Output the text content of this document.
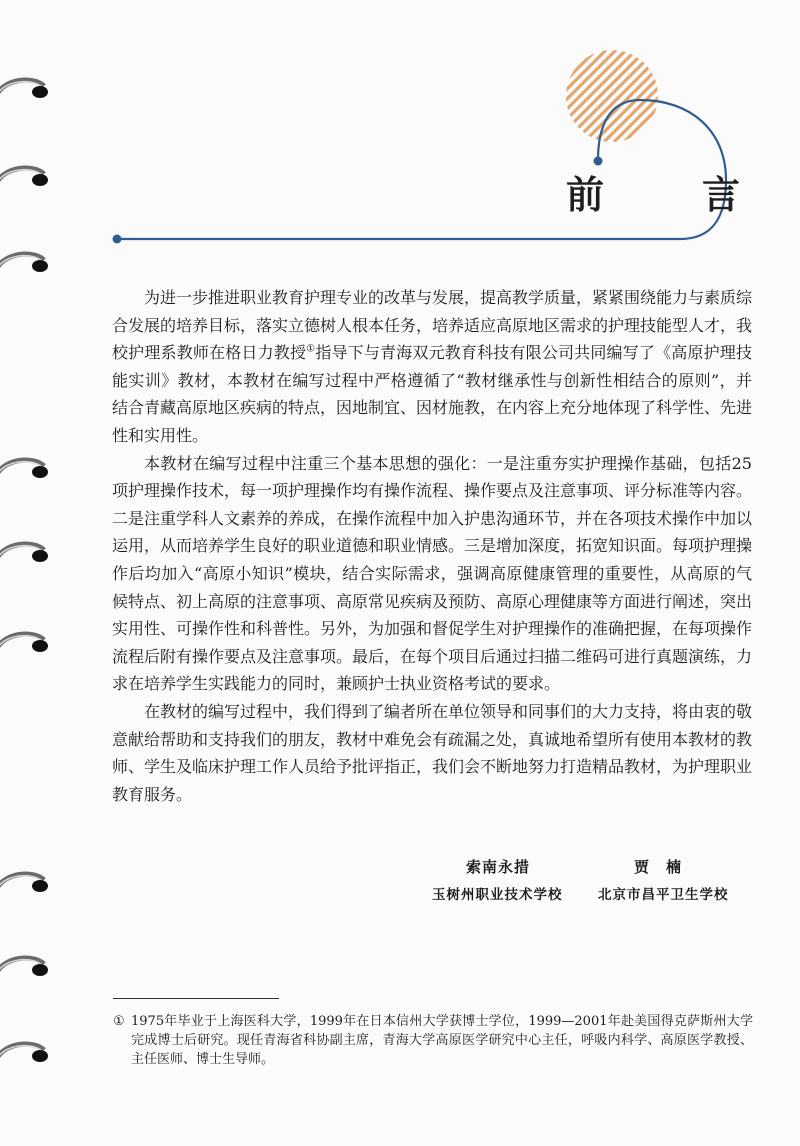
前　言

为进一步推进职业教育护理专业的改革与发展，提高教学质量，紧紧围绕能力与素质综合发展的培养目标，落实立德树人根本任务，培养适应高原地区需求的护理技能型人才，我校护理系教师在格日力教授①指导下与青海双元教育科技有限公司共同编写了《高原护理技能实训》教材，本教材在编写过程中严格遵循了“教材继承性与创新性相结合的原则”，并结合青藏高原地区疾病的特点，因地制宜、因材施教，在内容上充分地体现了科学性、先进性和实用性。

本教材在编写过程中注重三个基本思想的强化：一是注重夯实护理操作基础，包括25项护理操作技术，每一项护理操作均有操作流程、操作要点及注意事项、评分标准等内容。二是注重学科人文素养的养成，在操作流程中加入护患沟通环节，并在各项技术操作中加以运用，从而培养学生良好的职业道德和职业情感。三是增加深度，拓宽知识面。每项护理操作后均加入“高原小知识”模块，结合实际需求，强调高原健康管理的重要性，从高原的气候特点、初上高原的注意事项、高原常见疾病及预防、高原心理健康等方面进行阐述，突出实用性、可操作性和科普性。另外，为加强和督促学生对护理操作的准确把握，在每项操作流程后附有操作要点及注意事项。最后，在每个项目后通过扫描二维码可进行真题演练，力求在培养学生实践能力的同时，兼顾护士执业资格考试的要求。

在教材的编写过程中，我们得到了编者所在单位领导和同事们的大力支持，将由衷的敬意献给帮助和支持我们的朋友，教材中难免会有疏漏之处，真诚地希望所有使用本教材的教师、学生及临床护理工作人员给予批评指正，我们会不断地努力打造精品教材，为护理职业教育服务。

索南永措	贾　楠
玉树州职业技术学校	北京市昌平卫生学校
① 1975年毕业于上海医科大学，1999年在日本信州大学获博士学位，1999—2001年赴美国得克萨斯州大学完成博士后研究。现任青海省科协副主席，青海大学高原医学研究中心主任，呼吸内科学、高原医学教授、主任医师、博士生导师。
